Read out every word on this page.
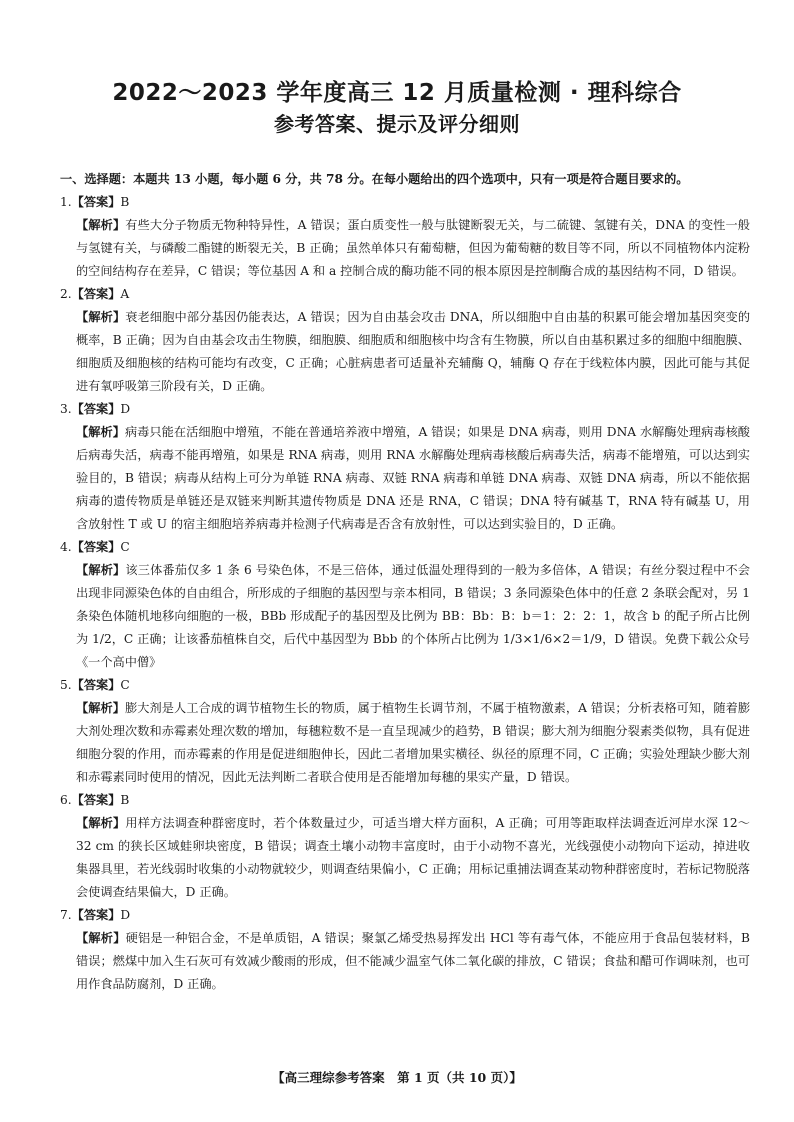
2022～2023 学年度高三 12 月质量检测 · 理科综合
参考答案、提示及评分细则

一、选择题：本题共 13 小题，每小题 6 分，共 78 分。在每小题给出的四个选项中，只有一项是符合题目要求的。

1.【答案】B

【解析】有些大分子物质无物种特异性，A 错误；蛋白质变性一般与肽键断裂无关，与二硫键、氢键有关，DNA 的变性一般与氢键有关，与磷酸二酯键的断裂无关，B 正确；虽然单体只有葡萄糖，但因为葡萄糖的数目等不同，所以不同植物体内淀粉的空间结构存在差异，C 错误；等位基因 A 和 a 控制合成的酶功能不同的根本原因是控制酶合成的基因结构不同，D 错误。

2.【答案】A

【解析】衰老细胞中部分基因仍能表达，A 错误；因为自由基会攻击 DNA，所以细胞中自由基的积累可能会增加基因突变的概率，B 正确；因为自由基会攻击生物膜，细胞膜、细胞质和细胞核中均含有生物膜，所以自由基积累过多的细胞中细胞膜、细胞质及细胞核的结构可能均有改变，C 正确；心脏病患者可适量补充辅酶 Q，辅酶 Q 存在于线粒体内膜，因此可能与其促进有氧呼吸第三阶段有关，D 正确。

3.【答案】D

【解析】病毒只能在活细胞中增殖，不能在普通培养液中增殖，A 错误；如果是 DNA 病毒，则用 DNA 水解酶处理病毒核酸后病毒失活，病毒不能再增殖，如果是 RNA 病毒，则用 RNA 水解酶处理病毒核酸后病毒失活，病毒不能增殖，可以达到实验目的，B 错误；病毒从结构上可分为单链 RNA 病毒、双链 RNA 病毒和单链 DNA 病毒、双链 DNA 病毒，所以不能依据病毒的遗传物质是单链还是双链来判断其遗传物质是 DNA 还是 RNA，C 错误；DNA 特有碱基 T，RNA 特有碱基 U，用含放射性 T 或 U 的宿主细胞培养病毒并检测子代病毒是否含有放射性，可以达到实验目的，D 正确。

4.【答案】C

【解析】该三体番茄仅多 1 条 6 号染色体，不是三倍体，通过低温处理得到的一般为多倍体，A 错误；有丝分裂过程中不会出现非同源染色体的自由组合，所形成的子细胞的基因型与亲本相同，B 错误；3 条同源染色体中的任意 2 条联会配对，另 1 条染色体随机地移向细胞的一极，BBb 形成配子的基因型及比例为 BB：Bb：B：b＝1：2：2：1，故含 b 的配子所占比例为 1/2，C 正确；让该番茄植株自交，后代中基因型为 Bbb 的个体所占比例为 1/3×1/6×2＝1/9，D 错误。免费下载公众号《一个高中僧》

5.【答案】C

【解析】膨大剂是人工合成的调节植物生长的物质，属于植物生长调节剂，不属于植物激素，A 错误；分析表格可知，随着膨大剂处理次数和赤霉素处理次数的增加，每穗粒数不是一直呈现减少的趋势，B 错误；膨大剂为细胞分裂素类似物，具有促进细胞分裂的作用，而赤霉素的作用是促进细胞伸长，因此二者增加果实横径、纵径的原理不同，C 正确；实验处理缺少膨大剂和赤霉素同时使用的情况，因此无法判断二者联合使用是否能增加每穗的果实产量，D 错误。

6.【答案】B

【解析】用样方法调查种群密度时，若个体数量过少，可适当增大样方面积，A 正确；可用等距取样法调查近河岸水深 12～32 cm 的狭长区域蛙卵块密度，B 错误；调查土壤小动物丰富度时，由于小动物不喜光，光线强使小动物向下运动，掉进收集器具里，若光线弱时收集的小动物就较少，则调查结果偏小，C 正确；用标记重捕法调查某动物种群密度时，若标记物脱落会使调查结果偏大，D 正确。

7.【答案】D

【解析】硬铝是一种铝合金，不是单质铝，A 错误；聚氯乙烯受热易挥发出 HCl 等有毒气体，不能应用于食品包装材料，B 错误；燃煤中加入生石灰可有效减少酸雨的形成，但不能减少温室气体二氧化碳的排放，C 错误；食盐和醋可作调味剂，也可用作食品防腐剂，D 正确。

【高三理综参考答案　第 1 页（共 10 页）】
